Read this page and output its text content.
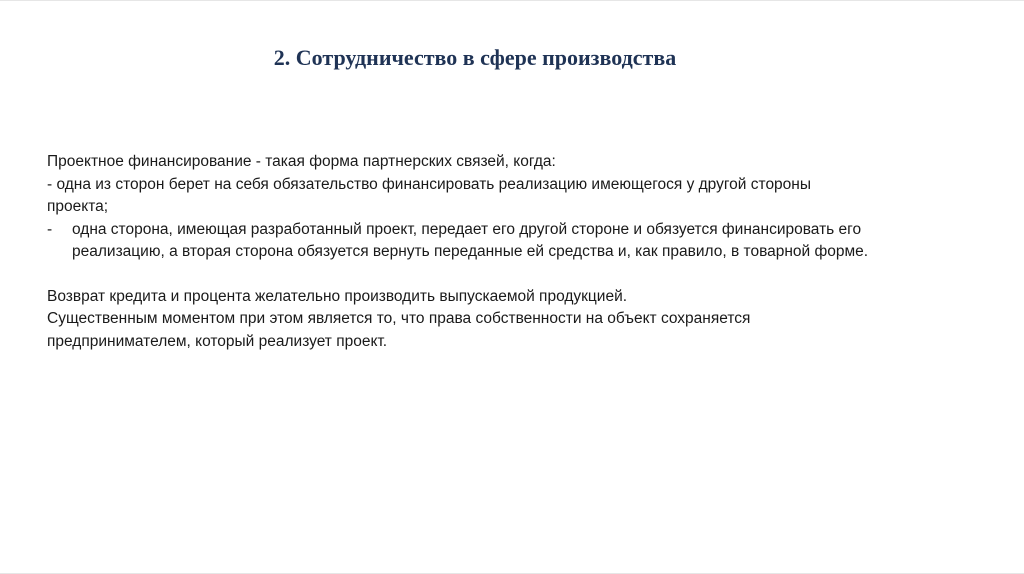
2. Сотрудничество в сфере производства
Проектное финансирование - такая форма партнерских связей, когда:
- одна из сторон берет на себя обязательство финансировать реализацию имеющегося у другой стороны
проекта;
-	одна сторона, имеющая разработанный проект, передает его другой стороне и обязуется финансировать его
реализацию, а вторая сторона обязуется вернуть переданные ей средства и, как правило, в товарной форме.
Возврат кредита и процента желательно производить выпускаемой продукцией.
Существенным моментом при этом является то, что права собственности на объект сохраняется
предпринимателем, который реализует проект.
